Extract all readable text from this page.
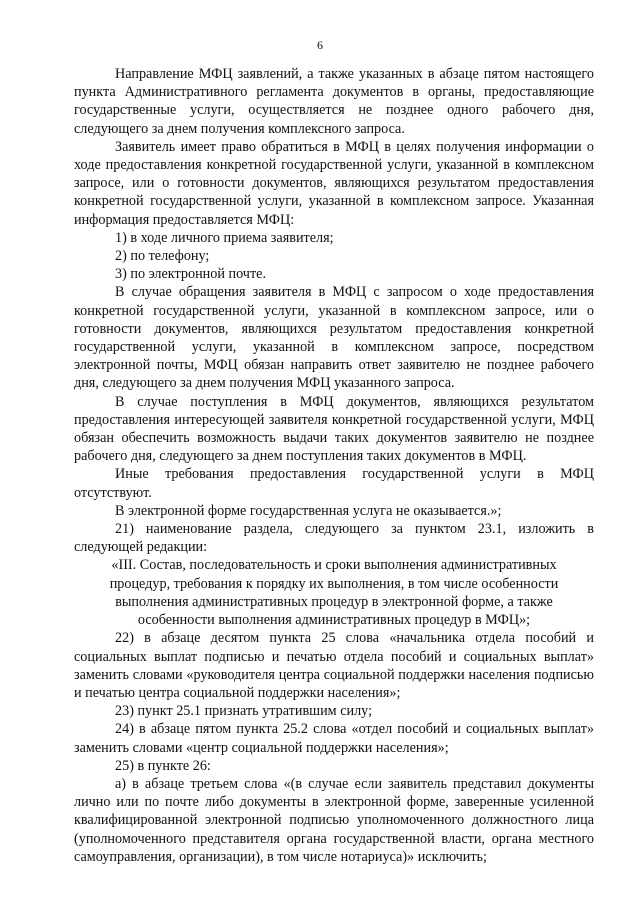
6

Направление МФЦ заявлений, а также указанных в абзаце пятом настоящего пункта Административного регламента документов в органы, предоставляющие государственные услуги, осуществляется не позднее одного рабочего дня, следующего за днем получения комплексного запроса.

Заявитель имеет право обратиться в МФЦ в целях получения информации о ходе предоставления конкретной государственной услуги, указанной в комплексном запросе, или о готовности документов, являющихся результатом предоставления конкретной государственной услуги, указанной в комплексном запросе. Указанная информация предоставляется МФЦ:

1) в ходе личного приема заявителя;

2) по телефону;

3) по электронной почте.

В случае обращения заявителя в МФЦ с запросом о ходе предоставления конкретной государственной услуги, указанной в комплексном запросе, или о готовности документов, являющихся результатом предоставления конкретной государственной услуги, указанной в комплексном запросе, посредством электронной почты, МФЦ обязан направить ответ заявителю не позднее рабочего дня, следующего за днем получения МФЦ указанного запроса.

В случае поступления в МФЦ документов, являющихся результатом предоставления интересующей заявителя конкретной государственной услуги, МФЦ обязан обеспечить возможность выдачи таких документов заявителю не позднее рабочего дня, следующего за днем поступления таких документов в МФЦ.

Иные требования предоставления государственной услуги в МФЦ отсутствуют.

В электронной форме государственная услуга не оказывается.»;

21) наименование раздела, следующего за пунктом 23.1, изложить в следующей редакции:

«III. Состав, последовательность и сроки выполнения административных процедур, требования к порядку их выполнения, в том числе особенности выполнения административных процедур в электронной форме, а также особенности выполнения административных процедур в МФЦ»;

22) в абзаце десятом пункта 25 слова «начальника отдела пособий и социальных выплат подписью и печатью отдела пособий и социальных выплат» заменить словами «руководителя центра социальной поддержки населения подписью и печатью центра социальной поддержки населения»;

23) пункт 25.1 признать утратившим силу;

24) в абзаце пятом пункта 25.2 слова «отдел пособий и социальных выплат» заменить словами «центр социальной поддержки населения»;

25) в пункте 26:

а) в абзаце третьем слова «(в случае если заявитель представил документы лично или по почте либо документы в электронной форме, заверенные усиленной квалифицированной электронной подписью уполномоченного должностного лица (уполномоченного представителя органа государственной власти, органа местного самоуправления, организации), в том числе нотариуса)» исключить;
